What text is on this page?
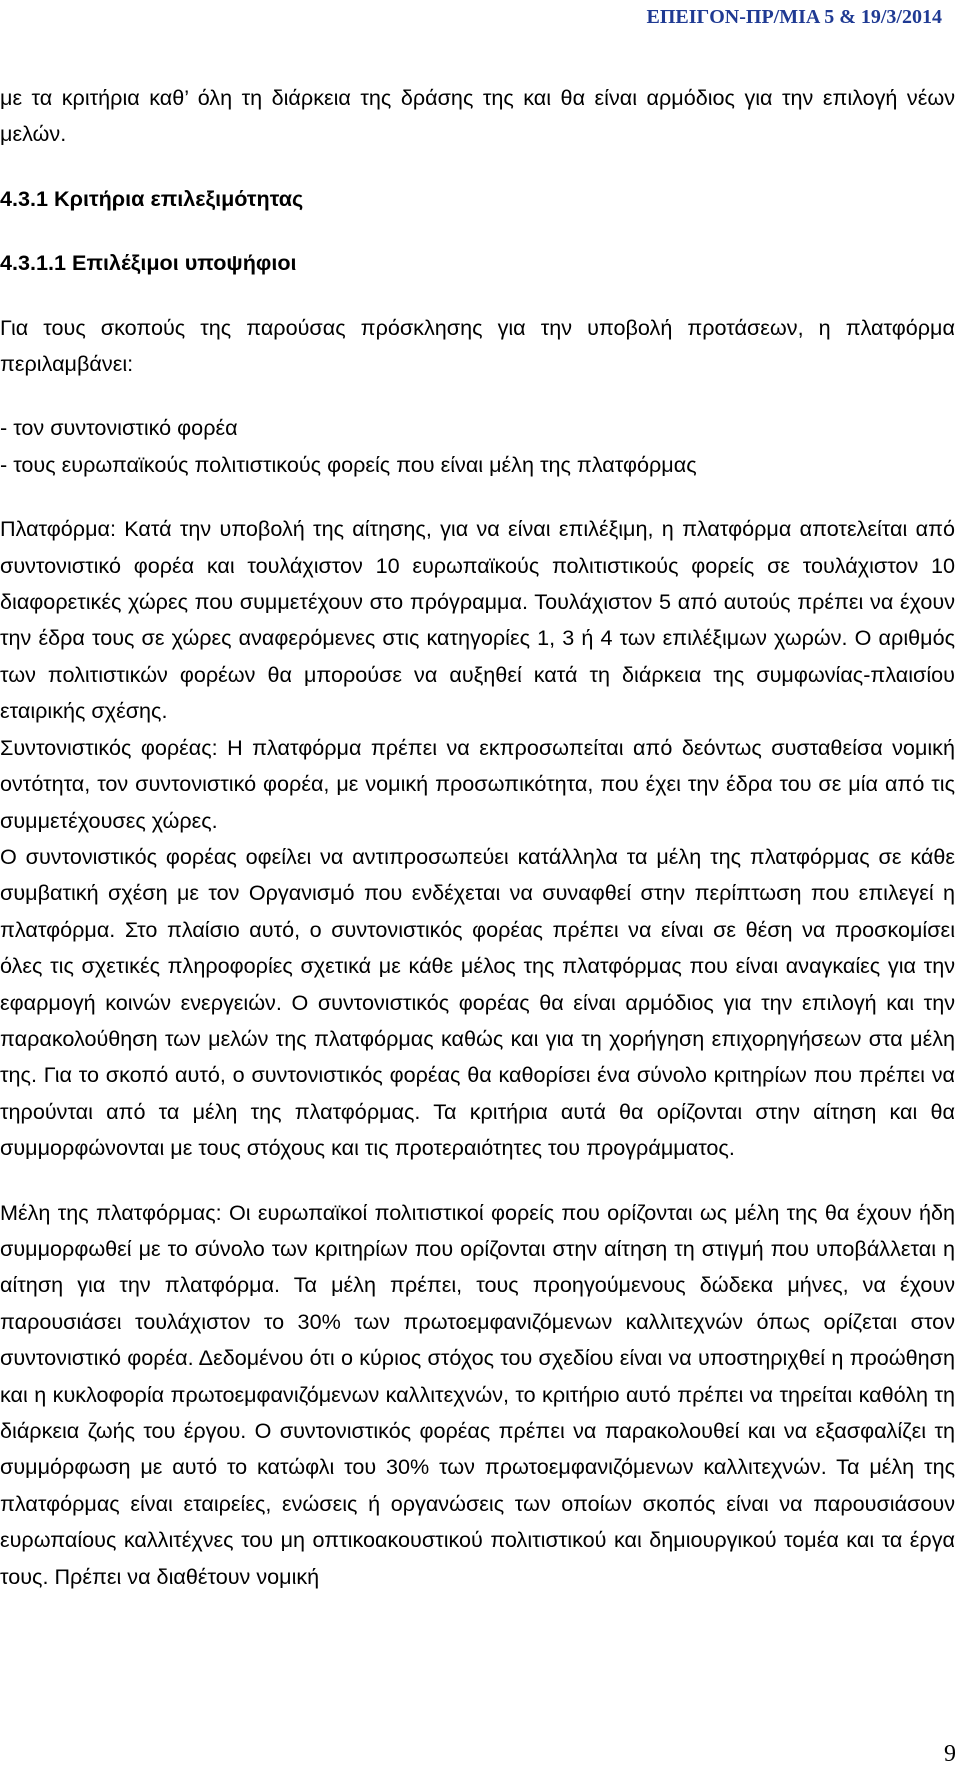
ΕΠΕΙΓΟΝ-ΠΡ/ΜΙΑ 5 & 19/3/2014

με τα κριτήρια καθ’ όλη τη διάρκεια της δράσης της και θα είναι αρμόδιος για την επιλογή νέων μελών.

4.3.1 Κριτήρια επιλεξιμότητας

4.3.1.1 Επιλέξιμοι υποψήφιοι

Για τους σκοπούς της παρούσας πρόσκλησης για την υποβολή προτάσεων, η πλατφόρμα περιλαμβάνει:

- τον συντονιστικό φορέα

- τους ευρωπαϊκούς πολιτιστικούς φορείς που είναι μέλη της πλατφόρμας

Πλατφόρμα: Κατά την υποβολή της αίτησης, για να είναι επιλέξιμη, η πλατφόρμα αποτελείται από συντονιστικό φορέα και τουλάχιστον 10 ευρωπαϊκούς πολιτιστικούς φορείς σε τουλάχιστον 10 διαφορετικές χώρες που συμμετέχουν στο πρόγραμμα. Τουλάχιστον 5 από αυτούς πρέπει να έχουν την έδρα τους σε χώρες αναφερόμενες στις κατηγορίες 1, 3 ή 4 των επιλέξιμων χωρών. Ο αριθμός των πολιτιστικών φορέων θα μπορούσε να αυξηθεί κατά τη διάρκεια της συμφωνίας-πλαισίου εταιρικής σχέσης.

Συντονιστικός φορέας: Η πλατφόρμα πρέπει να εκπροσωπείται από δεόντως συσταθείσα νομική οντότητα, τον συντονιστικό φορέα, με νομική προσωπικότητα, που έχει την έδρα του σε μία από τις συμμετέχουσες χώρες.

Ο συντονιστικός φορέας οφείλει να αντιπροσωπεύει κατάλληλα τα μέλη της πλατφόρμας σε κάθε συμβατική σχέση με τον Οργανισμό που ενδέχεται να συναφθεί στην περίπτωση που επιλεγεί η πλατφόρμα. Στο πλαίσιο αυτό, ο συντονιστικός φορέας πρέπει να είναι σε θέση να προσκομίσει όλες τις σχετικές πληροφορίες σχετικά με κάθε μέλος της πλατφόρμας που είναι αναγκαίες για την εφαρμογή κοινών ενεργειών. Ο συντονιστικός φορέας θα είναι αρμόδιος για την επιλογή και την παρακολούθηση των μελών της πλατφόρμας καθώς και για τη χορήγηση επιχορηγήσεων στα μέλη της. Για το σκοπό αυτό, ο συντονιστικός φορέας θα καθορίσει ένα σύνολο κριτηρίων που πρέπει να τηρούνται από τα μέλη της πλατφόρμας. Τα κριτήρια αυτά θα ορίζονται στην αίτηση και θα συμμορφώνονται με τους στόχους και τις προτεραιότητες του προγράμματος.

Μέλη της πλατφόρμας: Οι ευρωπαϊκοί πολιτιστικοί φορείς που ορίζονται ως μέλη της θα έχουν ήδη συμμορφωθεί με το σύνολο των κριτηρίων που ορίζονται στην αίτηση τη στιγμή που υποβάλλεται η αίτηση για την πλατφόρμα. Τα μέλη πρέπει, τους προηγούμενους δώδεκα μήνες, να έχουν παρουσιάσει τουλάχιστον το 30% των πρωτοεμφανιζόμενων καλλιτεχνών όπως ορίζεται στον συντονιστικό φορέα. Δεδομένου ότι ο κύριος στόχος του σχεδίου είναι να υποστηριχθεί η προώθηση και η κυκλοφορία πρωτοεμφανιζόμενων καλλιτεχνών, το κριτήριο αυτό πρέπει να τηρείται καθόλη τη διάρκεια ζωής του έργου. Ο συντονιστικός φορέας πρέπει να παρακολουθεί και να εξασφαλίζει τη συμμόρφωση με αυτό το κατώφλι του 30% των πρωτοεμφανιζόμενων καλλιτεχνών. Τα μέλη της πλατφόρμας είναι εταιρείες, ενώσεις ή οργανώσεις των οποίων σκοπός είναι να παρουσιάσουν ευρωπαίους καλλιτέχνες του μη οπτικοακουστικού πολιτιστικού και δημιουργικού τομέα και τα έργα τους. Πρέπει να διαθέτουν νομική

9
